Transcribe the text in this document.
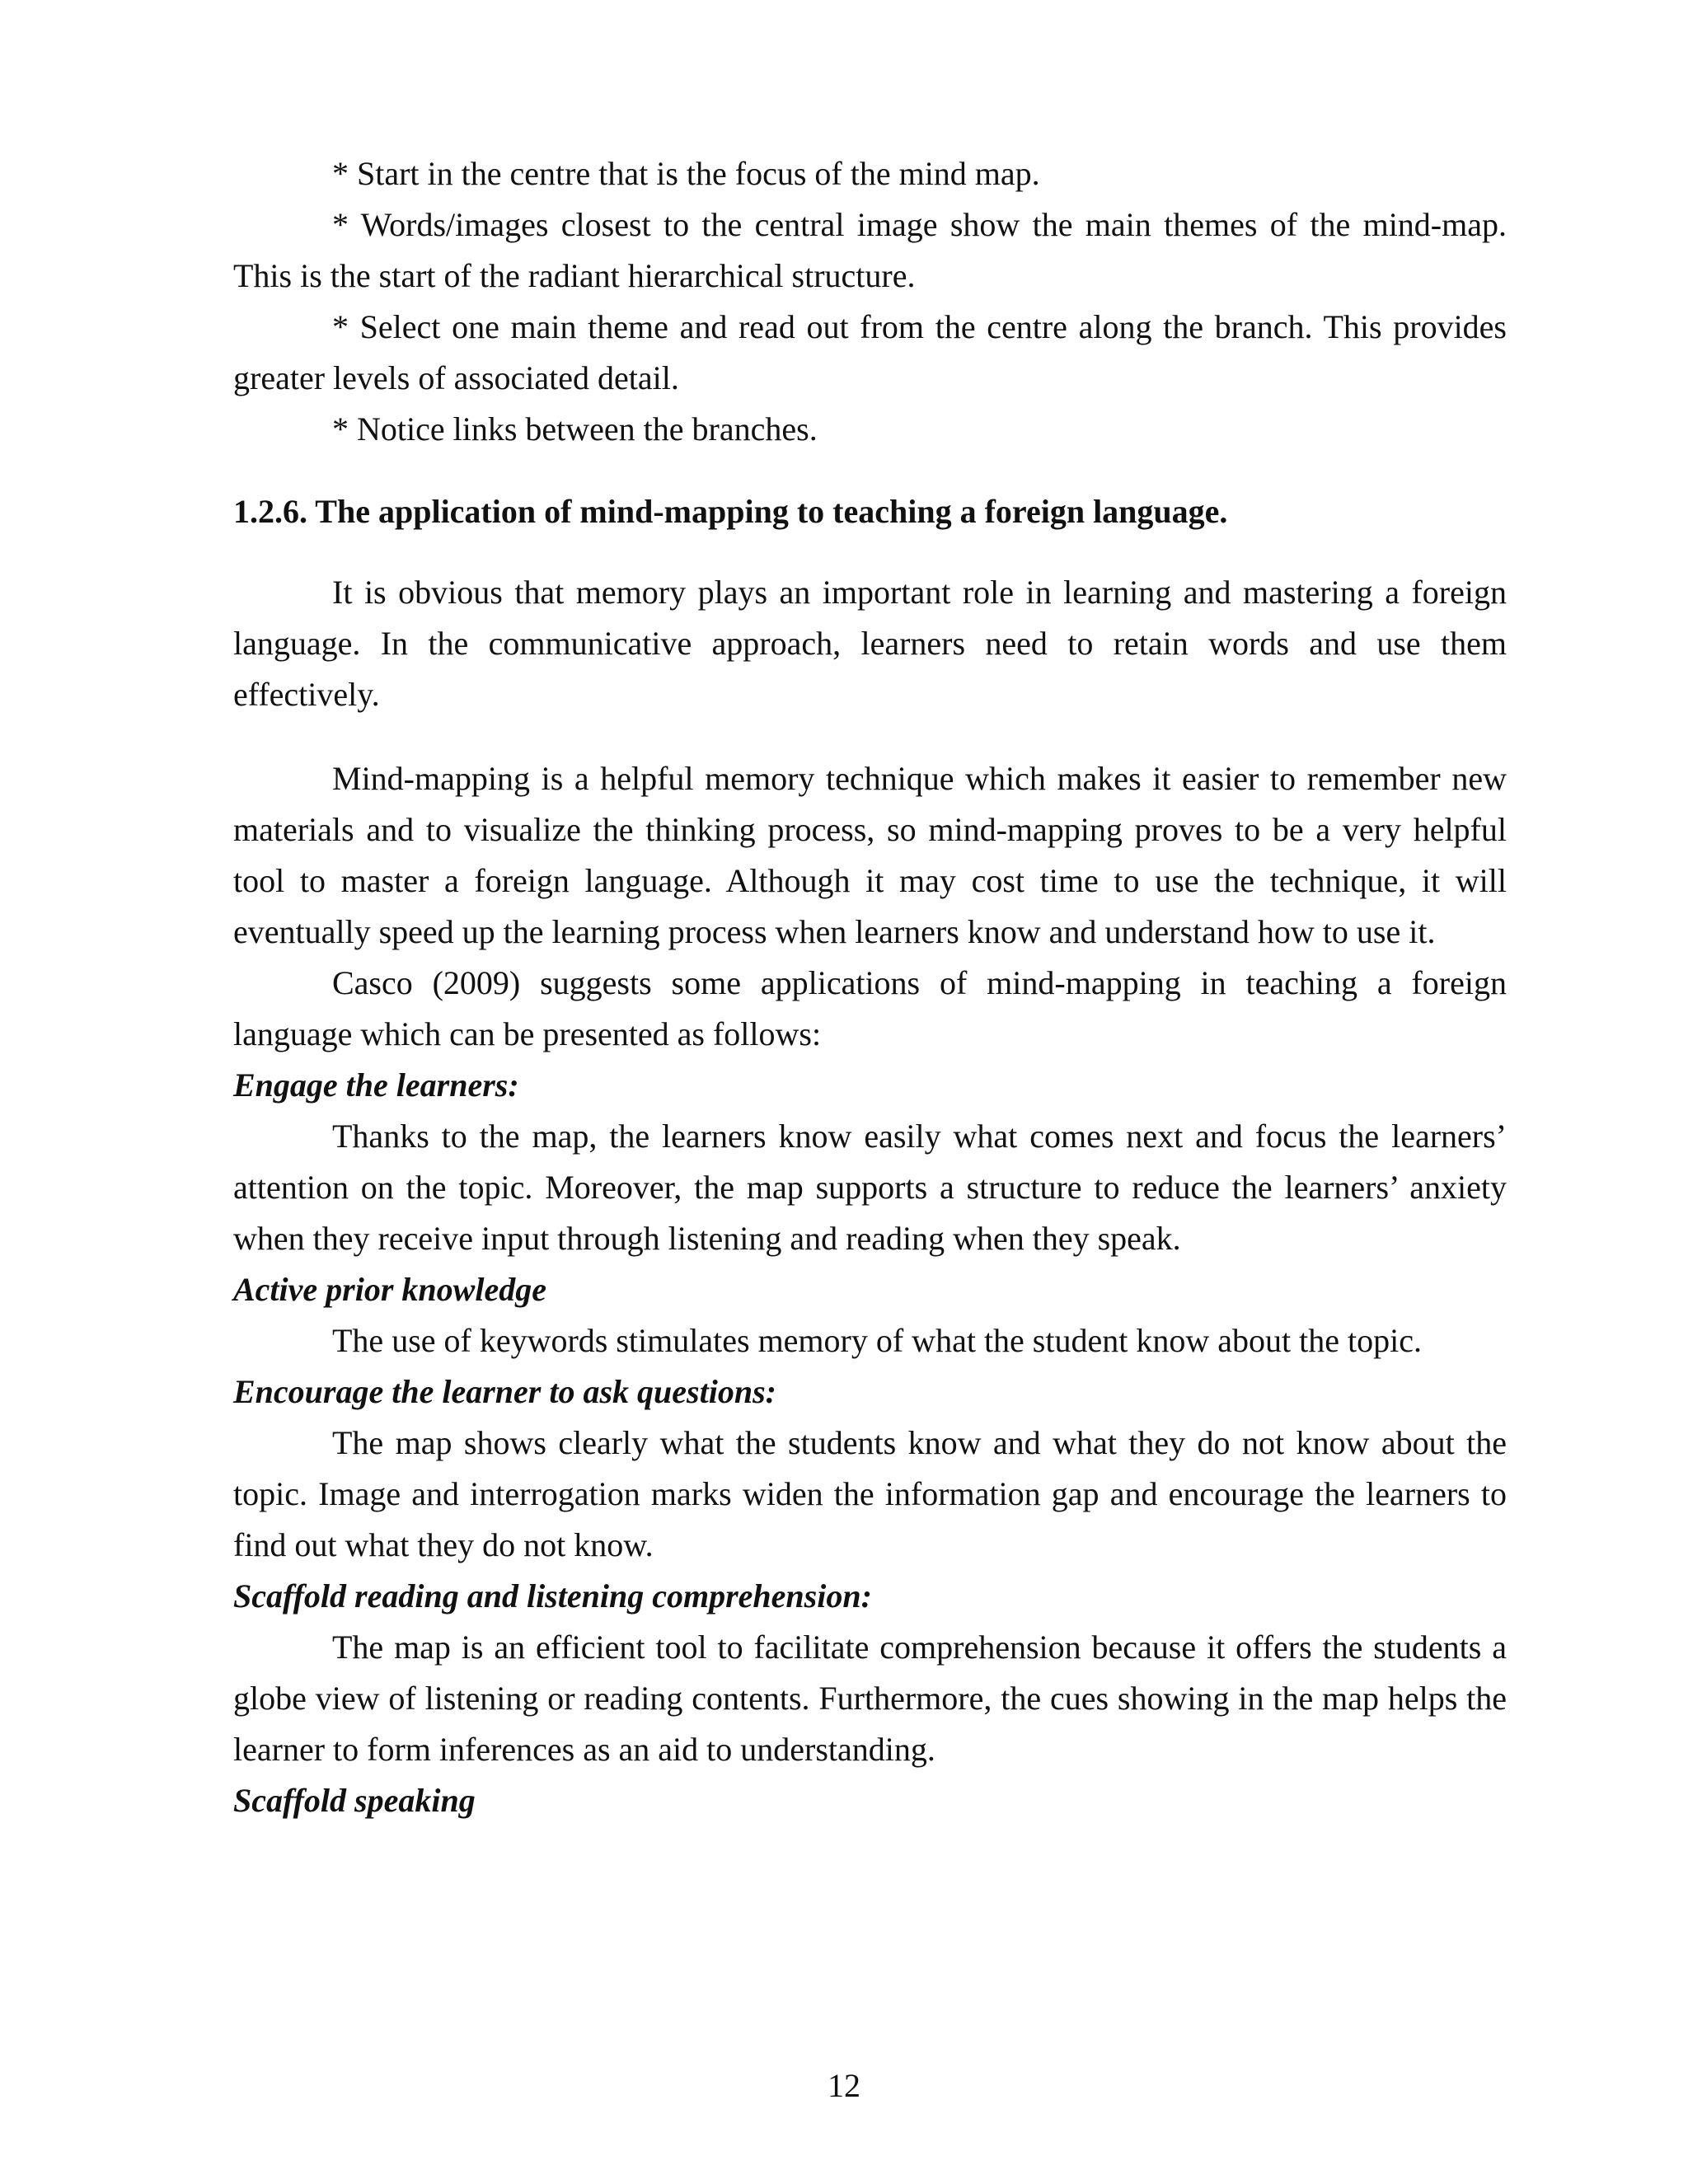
* Start in the centre that is the focus of the mind map.

* Words/images closest to the central image show the main themes of the mind-map. This is the start of the radiant hierarchical structure.

* Select one main theme and read out from the centre along the branch. This provides greater levels of associated detail.

* Notice links between the branches.

1.2.6. The application of mind-mapping to teaching a foreign language.

It is obvious that memory plays an important role in learning and mastering a foreign language. In the communicative approach, learners need to retain words and use them effectively.

Mind-mapping is a helpful memory technique which makes it easier to remember new materials and to visualize the thinking process, so mind-mapping proves to be a very helpful tool to master a foreign language. Although it may cost time to use the technique, it will eventually speed up the learning process when learners know and understand how to use it.

Casco (2009) suggests some applications of mind-mapping in teaching a foreign language which can be presented as follows:

Engage the learners:

Thanks to the map, the learners know easily what comes next and focus the learners’ attention on the topic. Moreover, the map supports a structure to reduce the learners’ anxiety when they receive input through listening and reading when they speak.

Active prior knowledge

The use of keywords stimulates memory of what the student know about the topic.

Encourage the learner to ask questions:

The map shows clearly what the students know and what they do not know about the topic. Image and interrogation marks widen the information gap and encourage the learners to find out what they do not know.

Scaffold reading and listening comprehension:

The map is an efficient tool to facilitate comprehension because it offers the students a globe view of listening or reading contents. Furthermore, the cues showing in the map helps the learner to form inferences as an aid to understanding.

Scaffold speaking
12
